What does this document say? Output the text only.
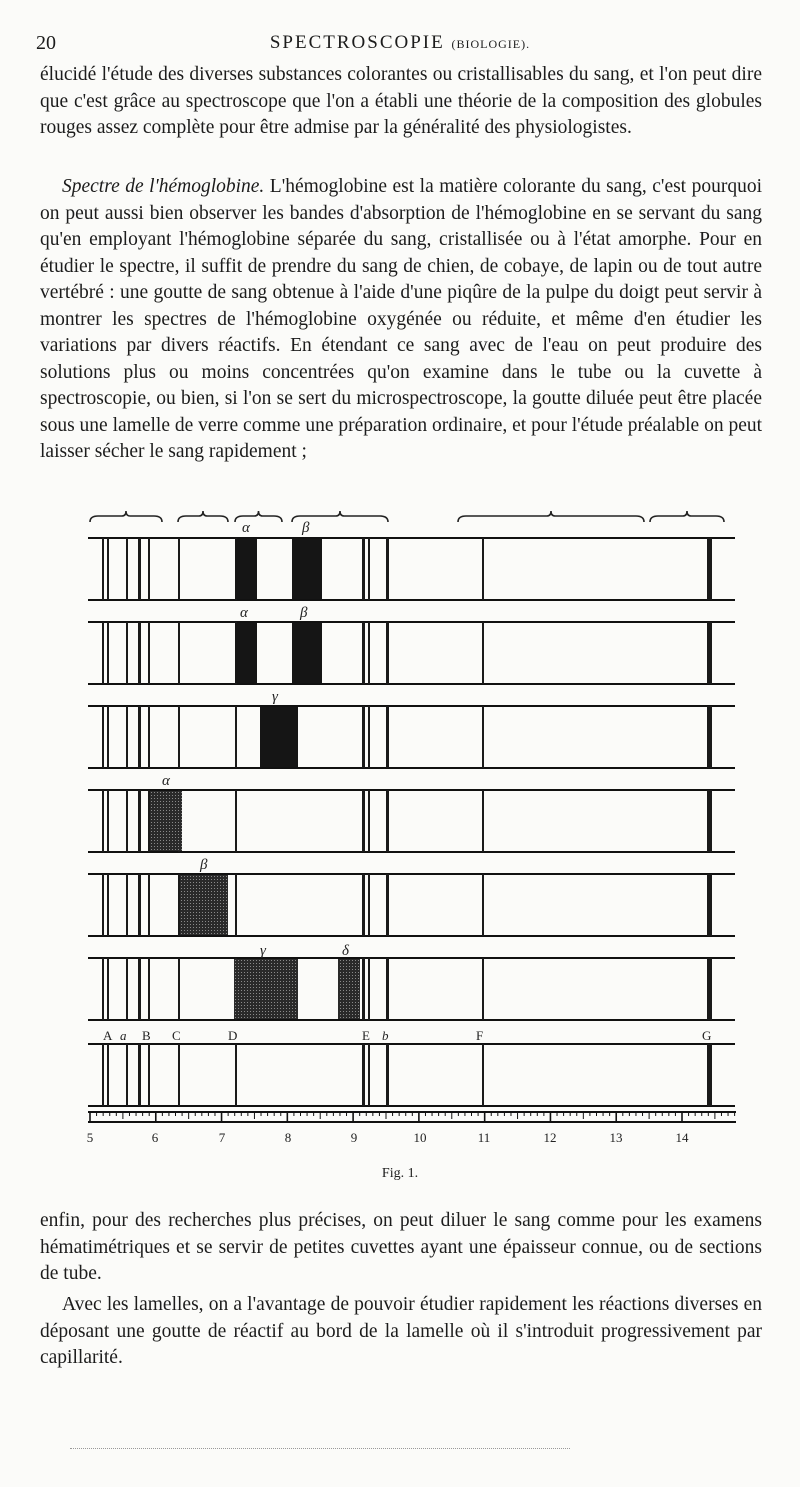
20	SPECTROSCOPIE (BIOLOGIE).

élucidé l'étude des diverses substances colorantes ou cristallisables du sang, et l'on peut dire que c'est grâce au spectroscope que l'on a établi une théorie de la composition des globules rouges assez complète pour être admise par la généralité des physiologistes.

Spectre de l'hémoglobine. L'hémoglobine est la matière colorante du sang, c'est pourquoi on peut aussi bien observer les bandes d'absorption de l'hémoglobine en se servant du sang qu'en employant l'hémoglobine séparée du sang, cristallisée ou à l'état amorphe. Pour en étudier le spectre, il suffit de prendre du sang de chien, de cobaye, de lapin ou de tout autre vertébré : une goutte de sang obtenue à l'aide d'une piqûre de la pulpe du doigt peut servir à montrer les spectres de l'hémoglobine oxygénée ou réduite, et même d'en étudier les variations par divers réactifs. En étendant ce sang avec de l'eau on peut produire des solutions plus ou moins concentrées qu'on examine dans le tube ou la cuvette à spectroscopie, ou bien, si l'on se sert du microspectroscope, la goutte diluée peut être placée sous une lamelle de verre comme une préparation ordinaire, et pour l'étude préalable on peut laisser sécher le sang rapidement ;

α	β
α	β
γ
α
β
γ	δ
A a B C	D	E b	F	G
5	6	7	8	9	10	11	12	13	14
Fig. 1.

enfin, pour des recherches plus précises, on peut diluer le sang comme pour les examens hématimétriques et se servir de petites cuvettes ayant une épaisseur connue, ou de sections de tube.

Avec les lamelles, on a l'avantage de pouvoir étudier rapidement les réactions diverses en déposant une goutte de réactif au bord de la lamelle où il s'introduit progressivement par capillarité.
